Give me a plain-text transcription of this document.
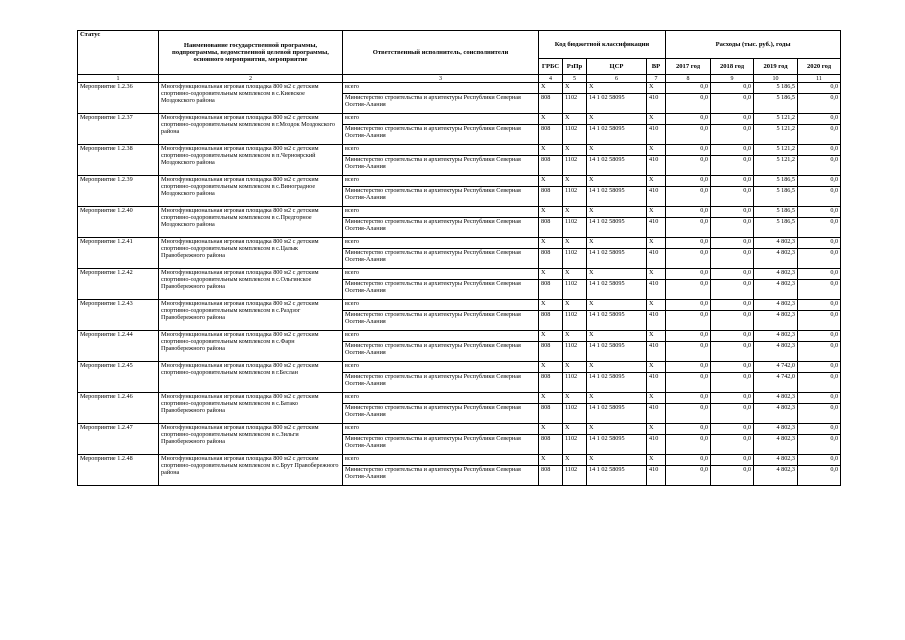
Статус	Наименование государственной программы, подпрограммы, ведомственной целевой программы, основного мероприятия, мероприятие	Ответственный исполнитель, соисполнители	Код бюджетной классификации				Расходы (тыс. руб.), годы			
			ГРБС	РзПр	ЦСР	ВР	2017 год	2018 год	2019 год	2020 год
1	2	3	4	5	6	7	8	9	10	11
Мероприятие 1.2.36	Многофункциональная игровая площадка 800 м2 с детским спортивно-оздоровительным комплексом в с.Киевское Моздокского района	всего	X	X	X	X	0,0	0,0	5 186,5	0,0
		Министерство строительства и архитектуры Республики Северная Осетия-Алания	808	1102	14 1 02 58095	410	0,0	0,0	5 186,5	0,0
Мероприятие 1.2.37	Многофункциональная игровая площадка 800 м2 с детским спортивно-оздоровительным комплексом в г.Моздок Моздокского района	всего	X	X	X	X	0,0	0,0	5 121,2	0,0
		Министерство строительства и архитектуры Республики Северная Осетия-Алания	808	1102	14 1 02 58095	410	0,0	0,0	5 121,2	0,0
Мероприятие 1.2.38	Многофункциональная игровая площадка 800 м2 с детским спортивно-оздоровительным комплексом в п.Черноярский Моздокского района	всего	X	X	X	X	0,0	0,0	5 121,2	0,0
		Министерство строительства и архитектуры Республики Северная Осетия-Алания	808	1102	14 1 02 58095	410	0,0	0,0	5 121,2	0,0
Мероприятие 1.2.39	Многофункциональная игровая площадка 800 м2 с детским спортивно-оздоровительным комплексом в с.Виноградное Моздокского района	всего	X	X	X	X	0,0	0,0	5 186,5	0,0
		Министерство строительства и архитектуры Республики Северная Осетия-Алания	808	1102	14 1 02 58095	410	0,0	0,0	5 186,5	0,0
Мероприятие 1.2.40	Многофункциональная игровая площадка 800 м2 с детским спортивно-оздоровительным комплексом в с.Предгорное Моздокского района	всего	X	X	X	X	0,0	0,0	5 186,5	0,0
		Министерство строительства и архитектуры Республики Северная Осетия-Алания	808	1102	14 1 02 58095	410	0,0	0,0	5 186,5	0,0
Мероприятие 1.2.41	Многофункциональная игровая площадка 800 м2 с детским спортивно-оздоровительным комплексом в с.Цалык Правобережного района	всего	X	X	X	X	0,0	0,0	4 802,3	0,0
		Министерство строительства и архитектуры Республики Северная Осетия-Алания	808	1102	14 1 02 58095	410	0,0	0,0	4 802,3	0,0
Мероприятие 1.2.42	Многофункциональная игровая площадка 800 м2 с детским спортивно-оздоровительным комплексом в с.Ольгинское Правобережного района	всего	X	X	X	X	0,0	0,0	4 802,3	0,0
		Министерство строительства и архитектуры Республики Северная Осетия-Алания	808	1102	14 1 02 58095	410	0,0	0,0	4 802,3	0,0
Мероприятие 1.2.43	Многофункциональная игровая площадка 800 м2 с детским спортивно-оздоровительным комплексом в с.Раздзог Правобережного района	всего	X	X	X	X	0,0	0,0	4 802,3	0,0
		Министерство строительства и архитектуры Республики Северная Осетия-Алания	808	1102	14 1 02 58095	410	0,0	0,0	4 802,3	0,0
Мероприятие 1.2.44	Многофункциональная игровая площадка 800 м2 с детским спортивно-оздоровительным комплексом в с.Фарн Правобережного района	всего	X	X	X	X	0,0	0,0	4 802,3	0,0
		Министерство строительства и архитектуры Республики Северная Осетия-Алания	808	1102	14 1 02 58095	410	0,0	0,0	4 802,3	0,0
Мероприятие 1.2.45	Многофункциональная игровая площадка 800 м2 с детским спортивно-оздоровительным комплексом в г.Беслан	всего	X	X	X	X	0,0	0,0	4 742,0	0,0
		Министерство строительства и архитектуры Республики Северная Осетия-Алания	808	1102	14 1 02 58095	410	0,0	0,0	4 742,0	0,0
Мероприятие 1.2.46	Многофункциональная игровая площадка 800 м2 с детским спортивно-оздоровительным комплексом в с.Батако Правобережного района	всего	X	X	X	X	0,0	0,0	4 802,3	0,0
		Министерство строительства и архитектуры Республики Северная Осетия-Алания	808	1102	14 1 02 58095	410	0,0	0,0	4 802,3	0,0
Мероприятие 1.2.47	Многофункциональная игровая площадка 800 м2 с детским спортивно-оздоровительным комплексом в с.Зильги Правобережного района	всего	X	X	X	X	0,0	0,0	4 802,3	0,0
		Министерство строительства и архитектуры Республики Северная Осетия-Алания	808	1102	14 1 02 58095	410	0,0	0,0	4 802,3	0,0
Мероприятие 1.2.48	Многофункциональная игровая площадка 800 м2 с детским спортивно-оздоровительным комплексом в с.Брут Правобережного района	всего	X	X	X	X	0,0	0,0	4 802,3	0,0
		Министерство строительства и архитектуры Республики Северная Осетия-Алания	808	1102	14 1 02 58095	410	0,0	0,0	4 802,3	0,0
